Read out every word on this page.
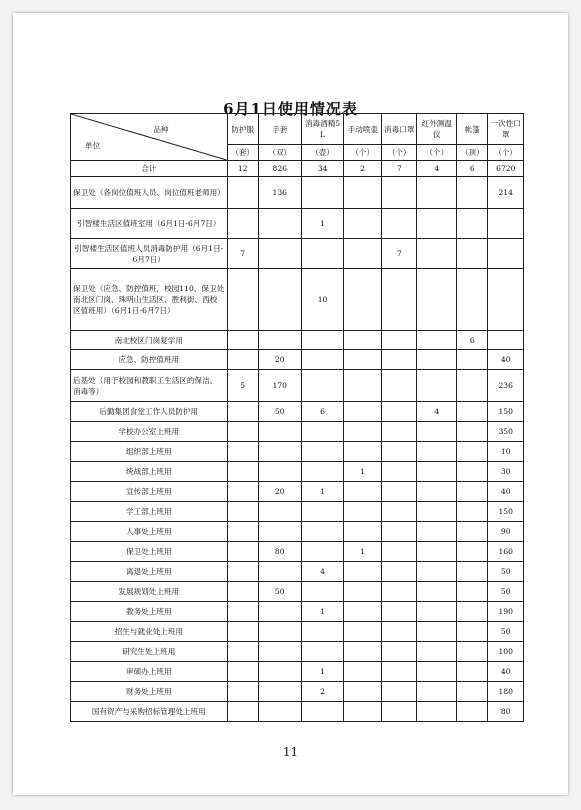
6月1日使用情况表
品种
单位	防护服	手套	消毒酒精5L	手动喷壶	消毒口罩	红外测温仪	帐篷	一次性口罩
	（套）	（双）	（壶）	（个）	（个）	（个）	（顶）	（个）
合计	12	826	34	2	7	4	6	6720
保卫处（各岗位值班人员、岗位值班老师用）		136						214
引智楼生活区值班室用（6月1日-6月7日）			1					
引智楼生活区值班人员消毒防护用（6月1日-6月7日）	7				7			
保卫处（应急、防控值班，校园110、保卫处南北区门岗、珠明山生活区、胜利街、西校区值班用）（6月1日-6月7日）			10					
南北校区门岗复学用							6	
应急、防控值班用		20						40
后基处（用于校园和教职工生活区的保洁、消毒等）	5	170						236
后勤集团食堂工作人员防护用		50	6			4		150
学校办公室上班用								350
组织部上班用								10
统战部上班用				1				30
宣传部上班用		20	1					40
学工部上班用								150
人事处上班用								90
保卫处上班用		80		1				160
离退处上班用			4					50
发展规划处上班用		50						50
教务处上班用			1					190
招生与就业处上班用								50
研究生处上班用								100
审硕办上班用			1					40
财务处上班用			2					180
国有资产与采购招标管理处上班用								80
11
